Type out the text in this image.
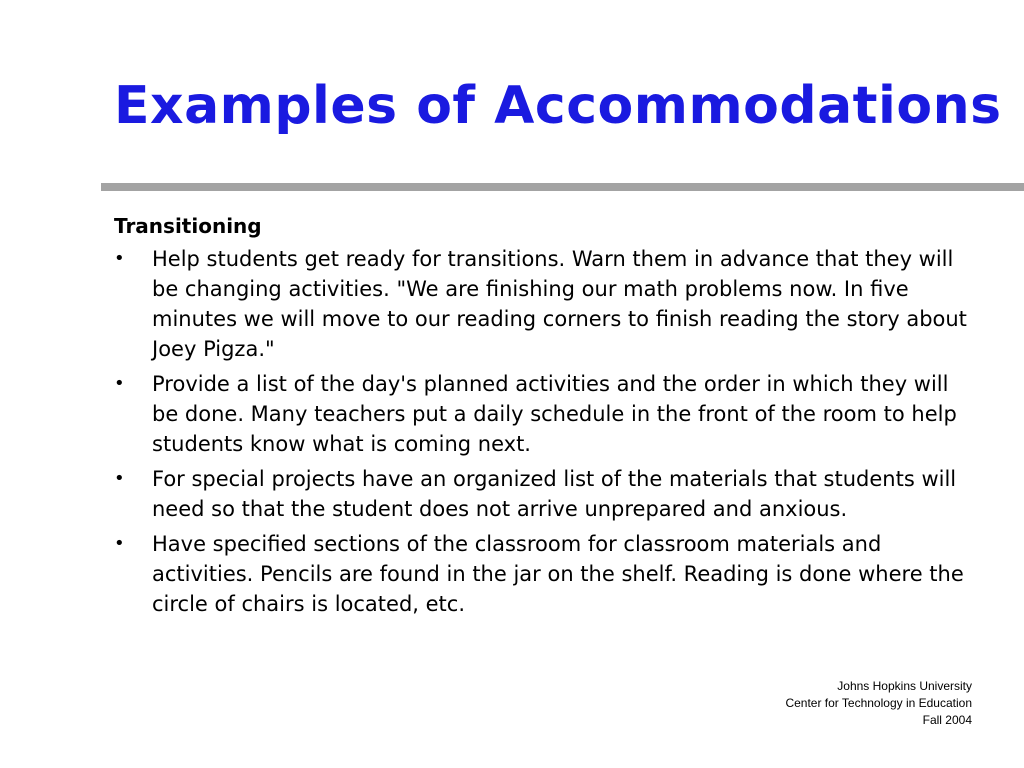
Examples of Accommodations
Transitioning
•	Help students get ready for transitions. Warn them in advance that they will be changing activities. "We are finishing our math problems now. In five minutes we will move to our reading corners to finish reading the story about Joey Pigza."
•	Provide a list of the day's planned activities and the order in which they will be done. Many teachers put a daily schedule in the front of the room to help students know what is coming next.
•	For special projects have an organized list of the materials that students will need so that the student does not arrive unprepared and anxious.
•	Have specified sections of the classroom for classroom materials and activities. Pencils are found in the jar on the shelf. Reading is done where the circle of chairs is located, etc.
Johns Hopkins University
Center for Technology in Education
Fall 2004
